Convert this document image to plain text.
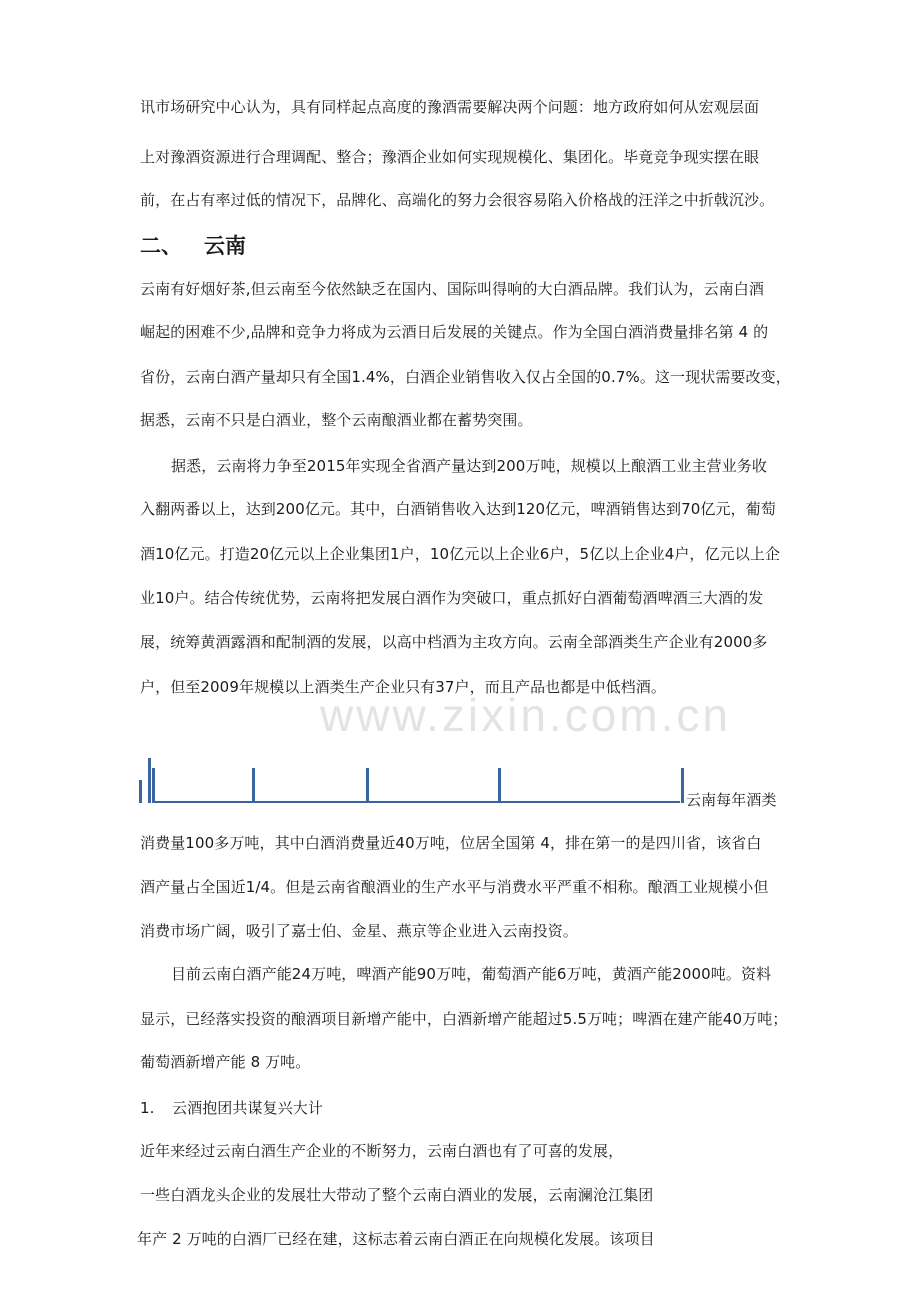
www.zixin.com.cn
讯市场研究中心认为，具有同样起点高度的豫酒需要解决两个问题：地方政府如何从宏观层面
上对豫酒资源进行合理调配、整合；豫酒企业如何实现规模化、集团化。毕竟竞争现实摆在眼
前，在占有率过低的情况下，品牌化、高端化的努力会很容易陷入价格战的汪洋之中折戟沉沙。
二、 云南
云南有好烟好茶,但云南至今依然缺乏在国内、国际叫得响的大白酒品牌。我们认为，云南白酒
崛起的困难不少,品牌和竞争力将成为云酒日后发展的关键点。作为全国白酒消费量排名第 4 的
省份，云南白酒产量却只有全国1.4%，白酒企业销售收入仅占全国的0.7%。这一现状需要改变，
据悉，云南不只是白酒业，整个云南酿酒业都在蓄势突围。
据悉，云南将力争至2015年实现全省酒产量达到200万吨，规模以上酿酒工业主营业务收
入翻两番以上，达到200亿元。其中，白酒销售收入达到120亿元，啤酒销售达到70亿元，葡萄
酒10亿元。打造20亿元以上企业集团1户，10亿元以上企业6户，5亿以上企业4户，亿元以上企
业10户。结合传统优势，云南将把发展白酒作为突破口，重点抓好白酒葡萄酒啤酒三大酒的发
展，统筹黄酒露酒和配制酒的发展，以高中档酒为主攻方向。云南全部酒类生产企业有2000多
户，但至2009年规模以上酒类生产企业只有37户，而且产品也都是中低档酒。
云南每年酒类
消费量100多万吨，其中白酒消费量近40万吨，位居全国第 4，排在第一的是四川省，该省白
酒产量占全国近1/4。但是云南省酿酒业的生产水平与消费水平严重不相称。酿酒工业规模小但
消费市场广阔，吸引了嘉士伯、金星、燕京等企业进入云南投资。
目前云南白酒产能24万吨，啤酒产能90万吨，葡萄酒产能6万吨，黄酒产能2000吨。资料
显示，已经落实投资的酿酒项目新增产能中，白酒新增产能超过5.5万吨；啤酒在建产能40万吨；
葡萄酒新增产能 8 万吨。
1. 云酒抱团共谋复兴大计
近年来经过云南白酒生产企业的不断努力，云南白酒也有了可喜的发展，
一些白酒龙头企业的发展壮大带动了整个云南白酒业的发展，云南澜沧江集团
年产 2 万吨的白酒厂已经在建，这标志着云南白酒正在向规模化发展。该项目
